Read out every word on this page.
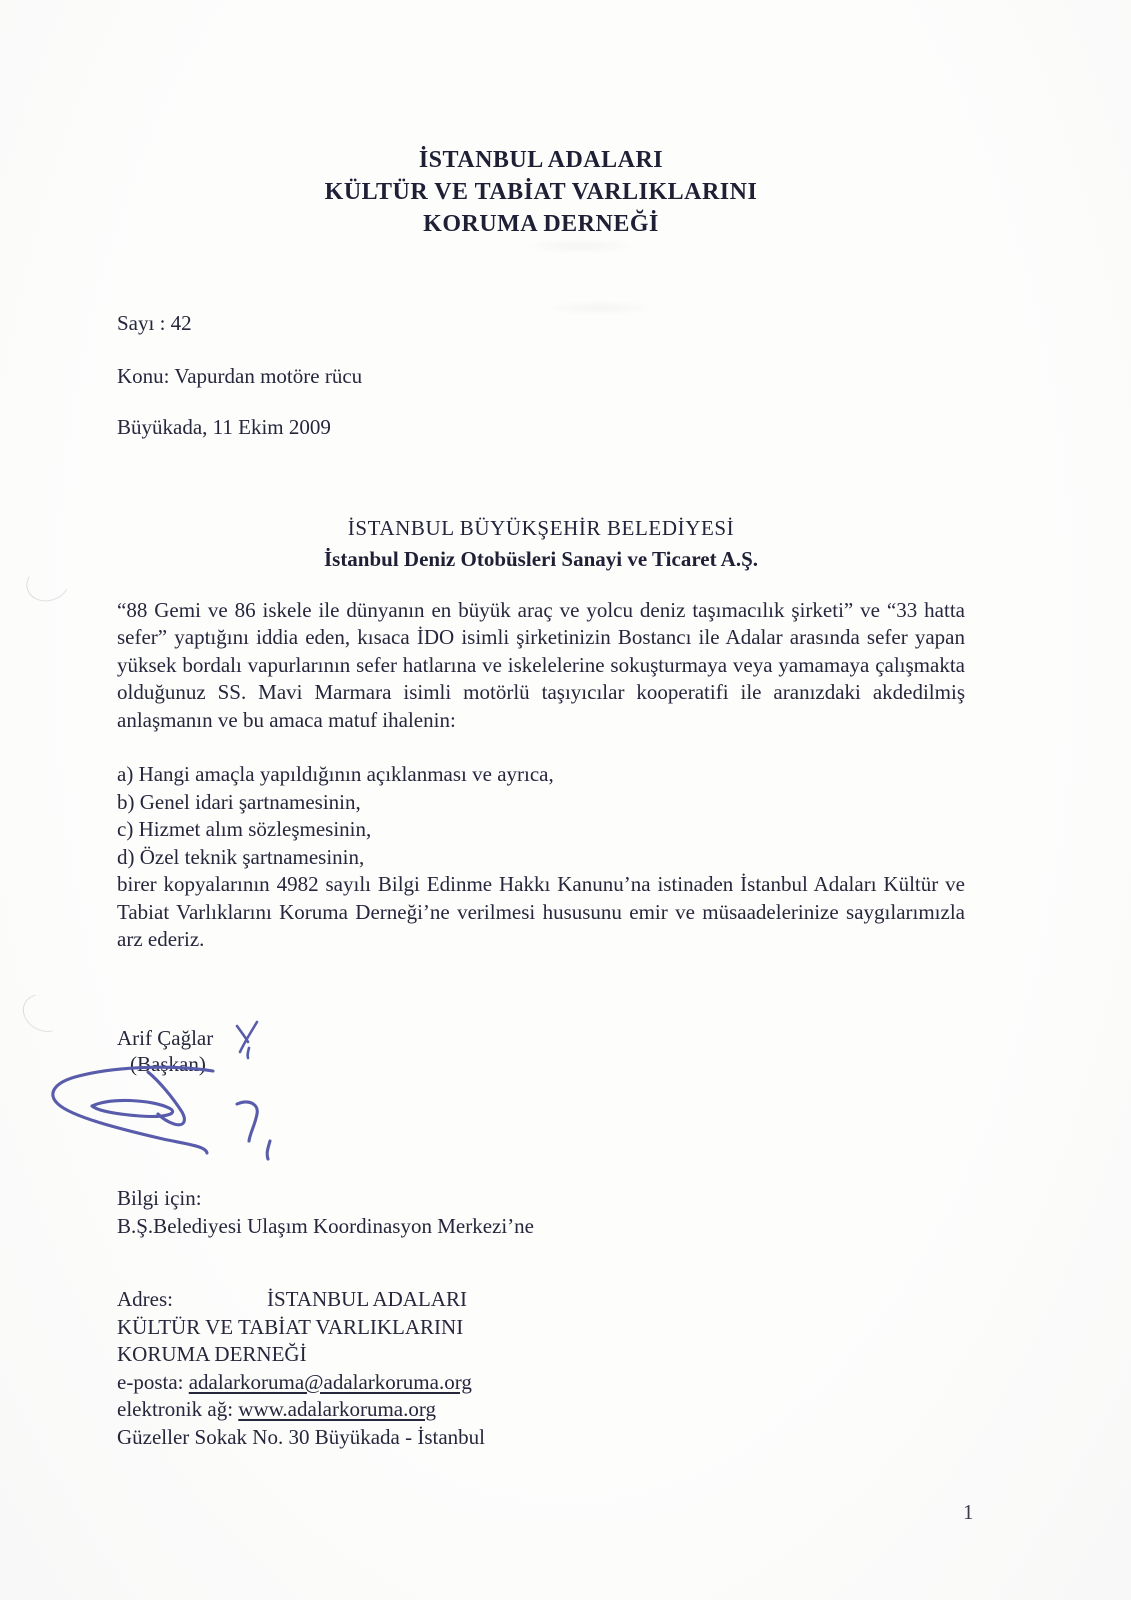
İSTANBUL ADALARI
KÜLTÜR VE TABİAT VARLIKLARINI
KORUMA DERNEĞİ
Sayı : 42
Konu: Vapurdan motöre rücu
Büyükada, 11 Ekim 2009
İSTANBUL BÜYÜKŞEHİR BELEDİYESİ
İstanbul Deniz Otobüsleri Sanayi ve Ticaret A.Ş.
“88 Gemi ve 86 iskele ile dünyanın en büyük araç ve yolcu deniz taşımacılık şirketi” ve “33 hatta sefer” yaptığını iddia eden, kısaca İDO isimli şirketinizin Bostancı ile Adalar arasında sefer yapan yüksek bordalı vapurlarının sefer hatlarına ve iskelelerine sokuşturmaya veya yamamaya çalışmakta olduğunuz SS. Mavi Marmara isimli motörlü taşıyıcılar kooperatifi ile aranızdaki akdedilmiş anlaşmanın ve bu amaca matuf ihalenin:
a) Hangi amaçla yapıldığının açıklanması ve ayrıca,
b) Genel idari şartnamesinin,
c) Hizmet alım sözleşmesinin,
d) Özel teknik şartnamesinin,
birer kopyalarının 4982 sayılı Bilgi Edinme Hakkı Kanunu’na istinaden İstanbul Adaları Kültür ve Tabiat Varlıklarını Koruma Derneği’ne verilmesi hususunu emir ve müsaadelerinize saygılarımızla arz ederiz.
Arif Çağlar
(Başkan)
Bilgi için:
B.Ş.Belediyesi Ulaşım Koordinasyon Merkezi’ne
Adres:	İSTANBUL ADALARI
KÜLTÜR VE TABİAT VARLIKLARINI
KORUMA DERNEĞİ
e-posta: adalarkoruma@adalarkoruma.org
elektronik ağ: www.adalarkoruma.org
Güzeller Sokak No. 30 Büyükada - İstanbul
1
